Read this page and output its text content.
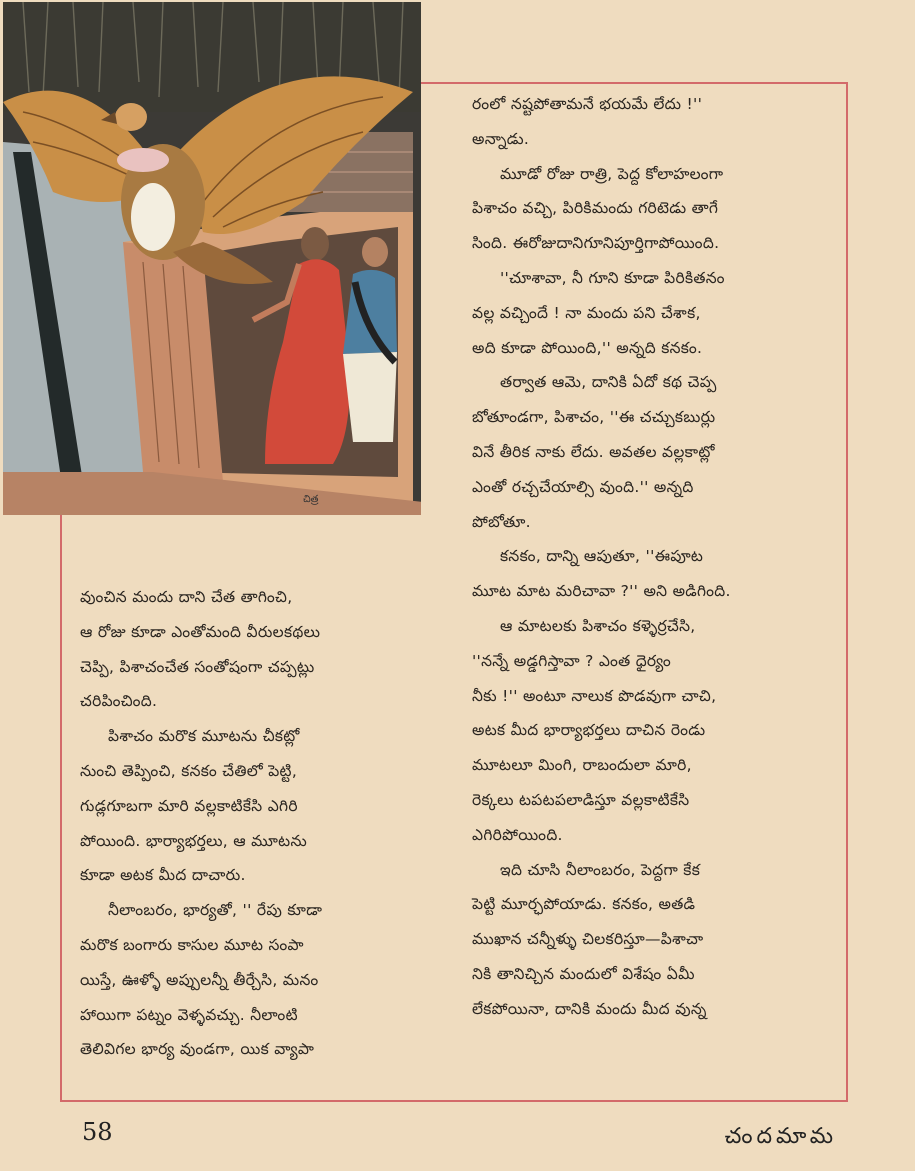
చిత్ర

రంలో నష్టపోతామనే భయమే లేదు !''
అన్నాడు.

మూడో రోజు రాత్రి, పెద్ద కోలాహలంగా
పిశాచం వచ్చి, పిరికిమందు గరిటెడు తాగే
సింది. ఈరోజుదానిగూనిపూర్తిగాపోయింది.

''చూశావా, నీ గూని కూడా పిరికితనం
వల్ల వచ్చిందే ! నా మందు పని చేశాక,
అది కూడా పోయింది,'' అన్నది కనకం.

తర్వాత ఆమె, దానికి ఏదో కథ చెప్ప
బోతూండగా, పిశాచం, ''ఈ చచ్చుకబుర్లు
వినే తీరిక నాకు లేదు. అవతల వల్లకాట్లో
ఎంతో రచ్చచేయాల్సి వుంది.'' అన్నది
పోబోతూ.

కనకం, దాన్ని ఆపుతూ, ''ఈపూట
మూట మాట మరిచావా ?'' అని అడిగింది.

ఆ మాటలకు పిశాచం కళ్ళెర్రచేసి,
''నన్నే అడ్డగిస్తావా ? ఎంత ధైర్యం
నీకు !'' అంటూ నాలుక పొడవుగా చాచి,
అటక మీద భార్యాభర్తలు దాచిన రెండు
మూటలూ మింగి, రాబందులా మారి,
రెక్కలు టపటపలాడిస్తూ వల్లకాటికేసి
ఎగిరిపోయింది.

ఇది చూసి నీలాంబరం, పెద్దగా కేక
పెట్టి మూర్ఛపోయాడు. కనకం, అతడి
ముఖాన చన్నీళ్ళు చిలకరిస్తూ—పిశాచా
నికి తానిచ్చిన మందులో విశేషం ఏమీ
లేకపోయినా, దానికి మందు మీద వున్న

వుంచిన మందు దాని చేత తాగించి,
ఆ రోజు కూడా ఎంతోమంది వీరులకథలు
చెప్పి, పిశాచంచేత సంతోషంగా చప్పట్లు
చరిపించింది.

పిశాచం మరొక మూటను చీకట్లో
నుంచి తెప్పించి, కనకం చేతిలో పెట్టి,
గుడ్లగూబగా మారి వల్లకాటికేసి ఎగిరి
పోయింది. భార్యాభర్తలు, ఆ మూటను
కూడా అటక మీద దాచారు.

నీలాంబరం, భార్యతో, '' రేపు కూడా
మరొక బంగారు కాసుల మూట సంపా
యిస్తే, ఊళ్ళో అప్పులన్నీ తీర్చేసి, మనం
హాయిగా పట్నం వెళ్ళవచ్చు. నీలాంటి
తెలివిగల భార్య వుండగా, యిక వ్యాపా

58	చందమామ
